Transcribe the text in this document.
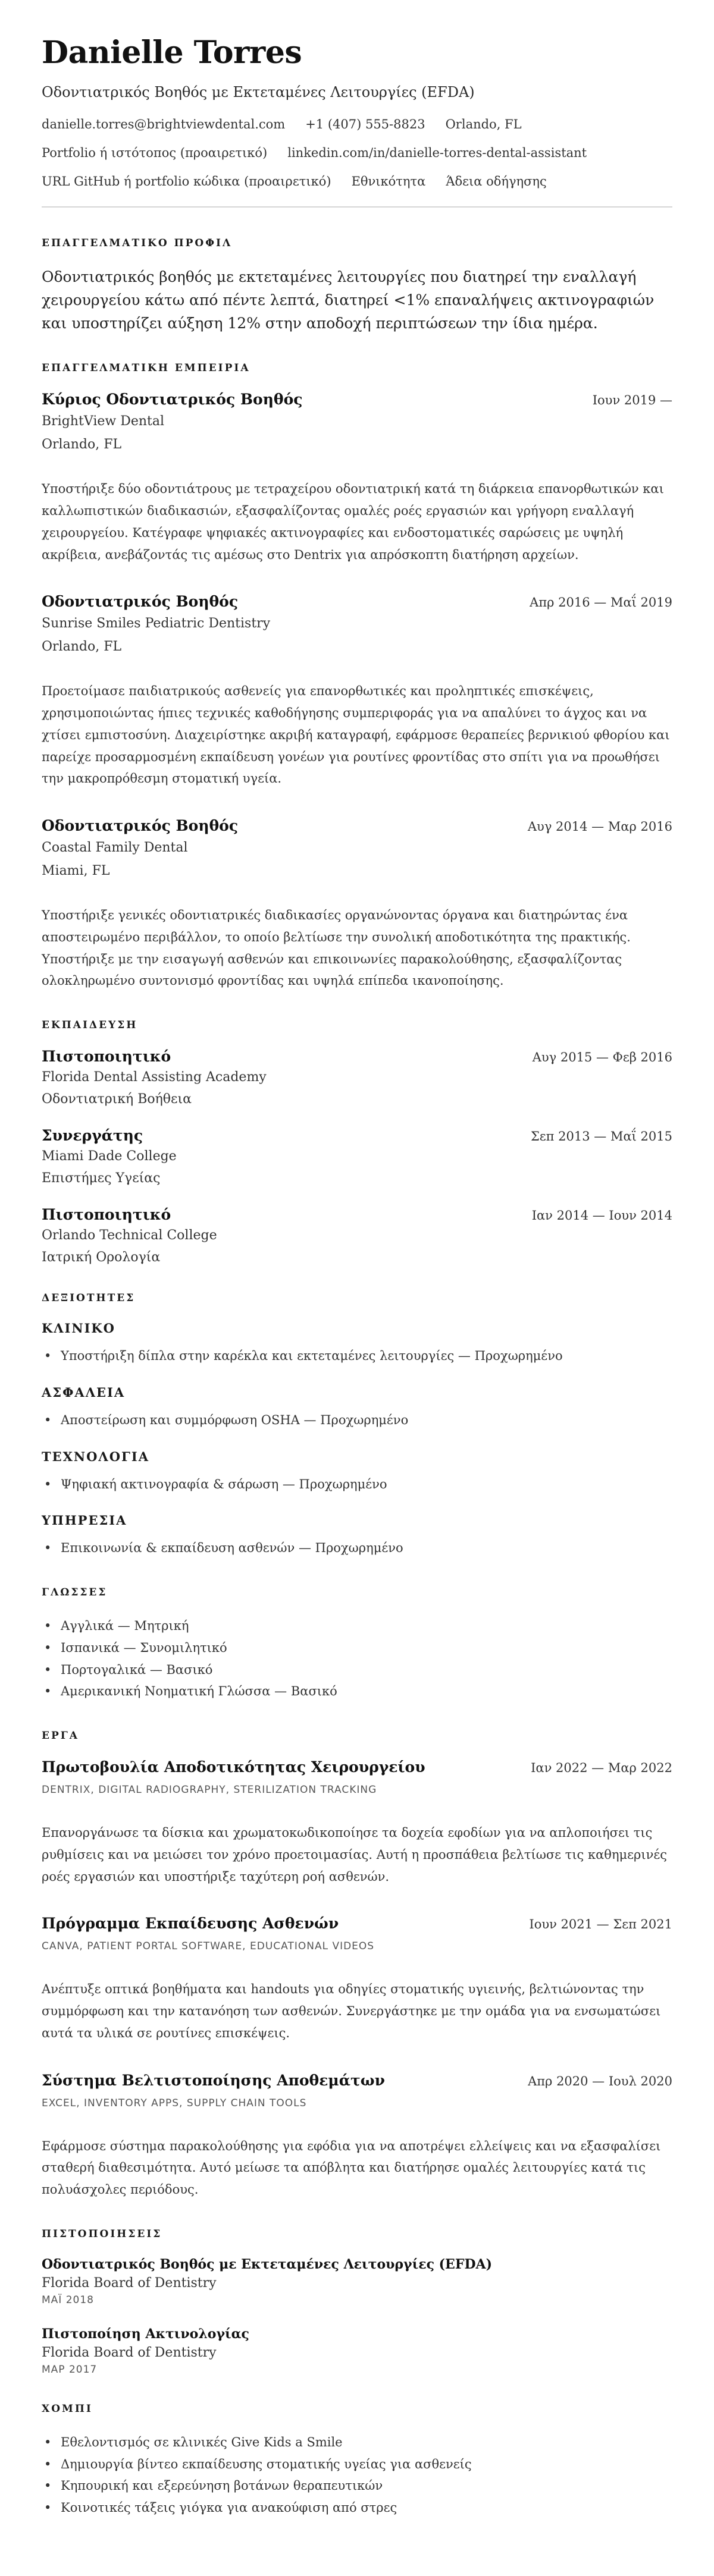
Danielle Torres
Οδοντιατρικός Βοηθός με Εκτεταμένες Λειτουργίες (EFDA)
danielle.torres@brightviewdental.com +1 (407) 555-8823 Orlando, FL
Portfolio ή ιστότοπος (προαιρετικό) linkedin.com/in/danielle-torres-dental-assistant
URL GitHub ή portfolio κώδικα (προαιρετικό) Εθνικότητα Άδεια οδήγησης
ΕΠΑΓΓΕΛΜΑΤΙΚΟ ΠΡΟΦΙΛ

Οδοντιατρικός βοηθός με εκτεταμένες λειτουργίες που διατηρεί την εναλλαγή χειρουργείου κάτω από πέντε λεπτά, διατηρεί <1% επαναλήψεις ακτινογραφιών και υποστηρίζει αύξηση 12% στην αποδοχή περιπτώσεων την ίδια ημέρα.

ΕΠΑΓΓΕΛΜΑΤΙΚΗ ΕΜΠΕΙΡΙΑ
Κύριος Οδοντιατρικός Βοηθός	Ιουν 2019 —
BrightView Dental
Orlando, FL

Υποστήριξε δύο οδοντιάτρους με τετραχείρου οδοντιατρική κατά τη διάρκεια επανορθωτικών και καλλωπιστικών διαδικασιών, εξασφαλίζοντας ομαλές ροές εργασιών και γρήγορη εναλλαγή χειρουργείου. Κατέγραφε ψηφιακές ακτινογραφίες και ενδοστοματικές σαρώσεις με υψηλή ακρίβεια, ανεβάζοντάς τις αμέσως στο Dentrix για απρόσκοπτη διατήρηση αρχείων.

Οδοντιατρικός Βοηθός	Απρ 2016 — Μαΐ 2019
Sunrise Smiles Pediatric Dentistry
Orlando, FL

Προετοίμασε παιδιατρικούς ασθενείς για επανορθωτικές και προληπτικές επισκέψεις, χρησιμοποιώντας ήπιες τεχνικές καθοδήγησης συμπεριφοράς για να απαλύνει το άγχος και να χτίσει εμπιστοσύνη. Διαχειρίστηκε ακριβή καταγραφή, εφάρμοσε θεραπείες βερνικιού φθορίου και παρείχε προσαρμοσμένη εκπαίδευση γονέων για ρουτίνες φροντίδας στο σπίτι για να προωθήσει την μακροπρόθεσμη στοματική υγεία.

Οδοντιατρικός Βοηθός	Αυγ 2014 — Μαρ 2016
Coastal Family Dental
Miami, FL

Υποστήριξε γενικές οδοντιατρικές διαδικασίες οργανώνοντας όργανα και διατηρώντας ένα αποστειρωμένο περιβάλλον, το οποίο βελτίωσε την συνολική αποδοτικότητα της πρακτικής. Υποστήριξε με την εισαγωγή ασθενών και επικοινωνίες παρακολούθησης, εξασφαλίζοντας ολοκληρωμένο συντονισμό φροντίδας και υψηλά επίπεδα ικανοποίησης.

ΕΚΠΑΙΔΕΥΣΗ
Πιστοποιητικό	Αυγ 2015 — Φεβ 2016
Florida Dental Assisting Academy
Οδοντιατρική Βοήθεια
Συνεργάτης	Σεπ 2013 — Μαΐ 2015
Miami Dade College
Επιστήμες Υγείας
Πιστοποιητικό	Ιαν 2014 — Ιουν 2014
Orlando Technical College
Ιατρική Ορολογία
ΔΕΞΙΟΤΗΤΕΣ
ΚΛΙΝΙΚΟ
• Υποστήριξη δίπλα στην καρέκλα και εκτεταμένες λειτουργίες — Προχωρημένο
ΑΣΦΑΛΕΙΑ
• Αποστείρωση και συμμόρφωση OSHA — Προχωρημένο
ΤΕΧΝΟΛΟΓΙΑ
• Ψηφιακή ακτινογραφία & σάρωση — Προχωρημένο
ΥΠΗΡΕΣΙΑ
• Επικοινωνία & εκπαίδευση ασθενών — Προχωρημένο
ΓΛΩΣΣΕΣ
• Αγγλικά — Μητρική
• Ισπανικά — Συνομιλητικό
• Πορτογαλικά — Βασικό
• Αμερικανική Νοηματική Γλώσσα — Βασικό
ΕΡΓΑ
Πρωτοβουλία Αποδοτικότητας Χειρουργείου	Ιαν 2022 — Μαρ 2022
DENTRIX, DIGITAL RADIOGRAPHY, STERILIZATION TRACKING

Επανοργάνωσε τα δίσκια και χρωματοκωδικοποίησε τα δοχεία εφοδίων για να απλοποιήσει τις ρυθμίσεις και να μειώσει τον χρόνο προετοιμασίας. Αυτή η προσπάθεια βελτίωσε τις καθημερινές ροές εργασιών και υποστήριξε ταχύτερη ροή ασθενών.

Πρόγραμμα Εκπαίδευσης Ασθενών	Ιουν 2021 — Σεπ 2021
CANVA, PATIENT PORTAL SOFTWARE, EDUCATIONAL VIDEOS

Ανέπτυξε οπτικά βοηθήματα και handouts για οδηγίες στοματικής υγιεινής, βελτιώνοντας την συμμόρφωση και την κατανόηση των ασθενών. Συνεργάστηκε με την ομάδα για να ενσωματώσει αυτά τα υλικά σε ρουτίνες επισκέψεις.

Σύστημα Βελτιστοποίησης Αποθεμάτων	Απρ 2020 — Ιουλ 2020
EXCEL, INVENTORY APPS, SUPPLY CHAIN TOOLS

Εφάρμοσε σύστημα παρακολούθησης για εφόδια για να αποτρέψει ελλείψεις και να εξασφαλίσει σταθερή διαθεσιμότητα. Αυτό μείωσε τα απόβλητα και διατήρησε ομαλές λειτουργίες κατά τις πολυάσχολες περιόδους.

ΠΙΣΤΟΠΟΙΗΣΕΙΣ
Οδοντιατρικός Βοηθός με Εκτεταμένες Λειτουργίες (EFDA)
Florida Board of Dentistry
ΜΑΪ 2018
Πιστοποίηση Ακτινολογίας
Florida Board of Dentistry
ΜΑΡ 2017
ΧΟΜΠΙ
• Εθελοντισμός σε κλινικές Give Kids a Smile
• Δημιουργία βίντεο εκπαίδευσης στοματικής υγείας για ασθενείς
• Κηπουρική και εξερεύνηση βοτάνων θεραπευτικών
• Κοινοτικές τάξεις γιόγκα για ανακούφιση από στρες
